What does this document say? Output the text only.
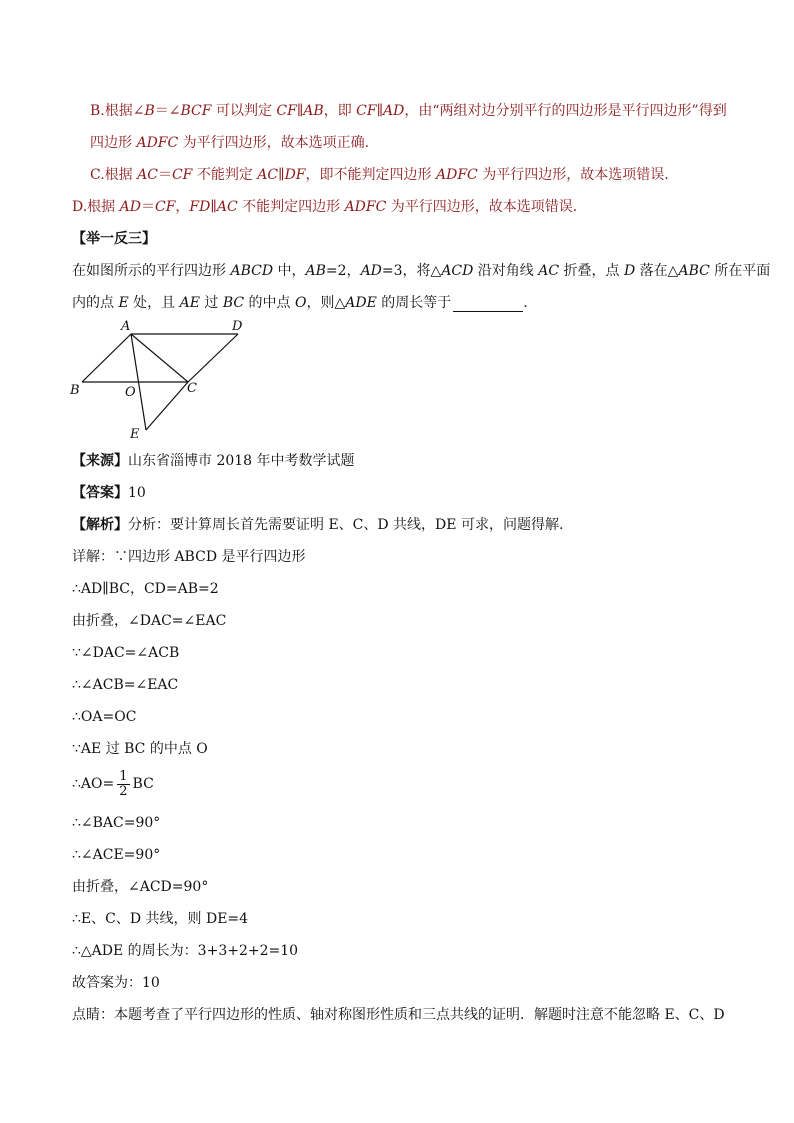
B.根据∠B＝∠BCF 可以判定 CF∥AB，即 CF∥AD，由“两组对边分别平行的四边形是平行四边形”得到
四边形 ADFC 为平行四边形，故本选项正确.
C.根据 AC＝CF 不能判定 AC∥DF，即不能判定四边形 ADFC 为平行四边形，故本选项错误.
D.根据 AD＝CF，FD∥AC 不能判定四边形 ADFC 为平行四边形，故本选项错误.
【举一反三】
在如图所示的平行四边形 ABCD 中，AB=2，AD=3，将△ACD 沿对角线 AC 折叠，点 D 落在△ABC 所在平面
内的点 E 处，且 AE 过 BC 的中点 O，则△ADE 的周长等于	.
A	D
B	O	C
E
【来源】山东省淄博市 2018 年中考数学试题
【答案】10
【解析】分析：要计算周长首先需要证明 E、C、D 共线，DE 可求，问题得解.
详解：∵四边形 ABCD 是平行四边形
∴AD∥BC，CD=AB=2
由折叠，∠DAC=∠EAC
∵∠DAC=∠ACB
∴∠ACB=∠EAC
∴OA=OC
∵AE 过 BC 的中点 O
∴AO= $\frac{1}{2}$ BC
∴∠BAC=90°
∴∠ACE=90°
由折叠，∠ACD=90°
∴E、C、D 共线，则 DE=4
∴△ADE 的周长为：3+3+2+2=10
故答案为：10
点睛：本题考查了平行四边形的性质、轴对称图形性质和三点共线的证明．解题时注意不能忽略 E、C、D
